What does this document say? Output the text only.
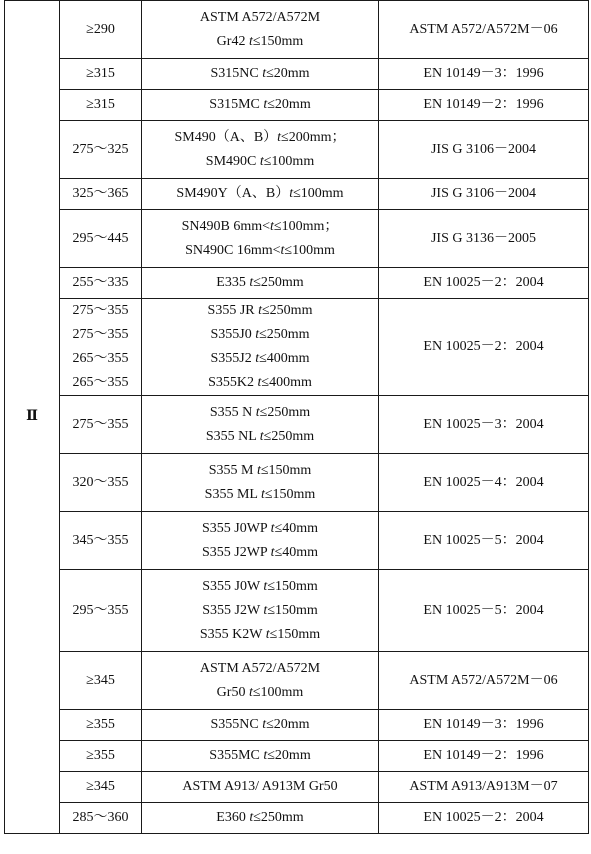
Ⅱ	≥290	ASTM A572/A572M
Gr42 t≤150mm	ASTM A572/A572M－06

	≥315	S315NC t≤20mm	EN 10149－3：1996

	≥315	S315MC t≤20mm	EN 10149－2：1996

	275～325	SM490（A、B）t≤200mm；
SM490C t≤100mm	JIS G 3106－2004

	325～365	SM490Y（A、B）t≤100mm	JIS G 3106－2004

	295～445	SN490B 6mm<t≤100mm；
SN490C 16mm<t≤100mm	JIS G 3136－2005

	255～335	E335 t≤250mm	EN 10025－2：2004

	275～355
275～355
265～355
265～355	S355 JR t≤250mm
S355J0 t≤250mm
S355J2 t≤400mm
S355K2 t≤400mm	EN 10025－2：2004

	275～355	S355 N t≤250mm
S355 NL t≤250mm	EN 10025－3：2004

	320～355	S355 M t≤150mm
S355 ML t≤150mm	EN 10025－4：2004

	345～355	S355 J0WP t≤40mm
S355 J2WP t≤40mm	EN 10025－5：2004

	295～355	S355 J0W t≤150mm
S355 J2W t≤150mm
S355 K2W t≤150mm	EN 10025－5：2004

	≥345	ASTM A572/A572M
Gr50 t≤100mm	ASTM A572/A572M－06

	≥355	S355NC t≤20mm	EN 10149－3：1996

	≥355	S355MC t≤20mm	EN 10149－2：1996

	≥345	ASTM A913/ A913M Gr50	ASTM A913/A913M－07

	285～360	E360 t≤250mm	EN 10025－2：2004
